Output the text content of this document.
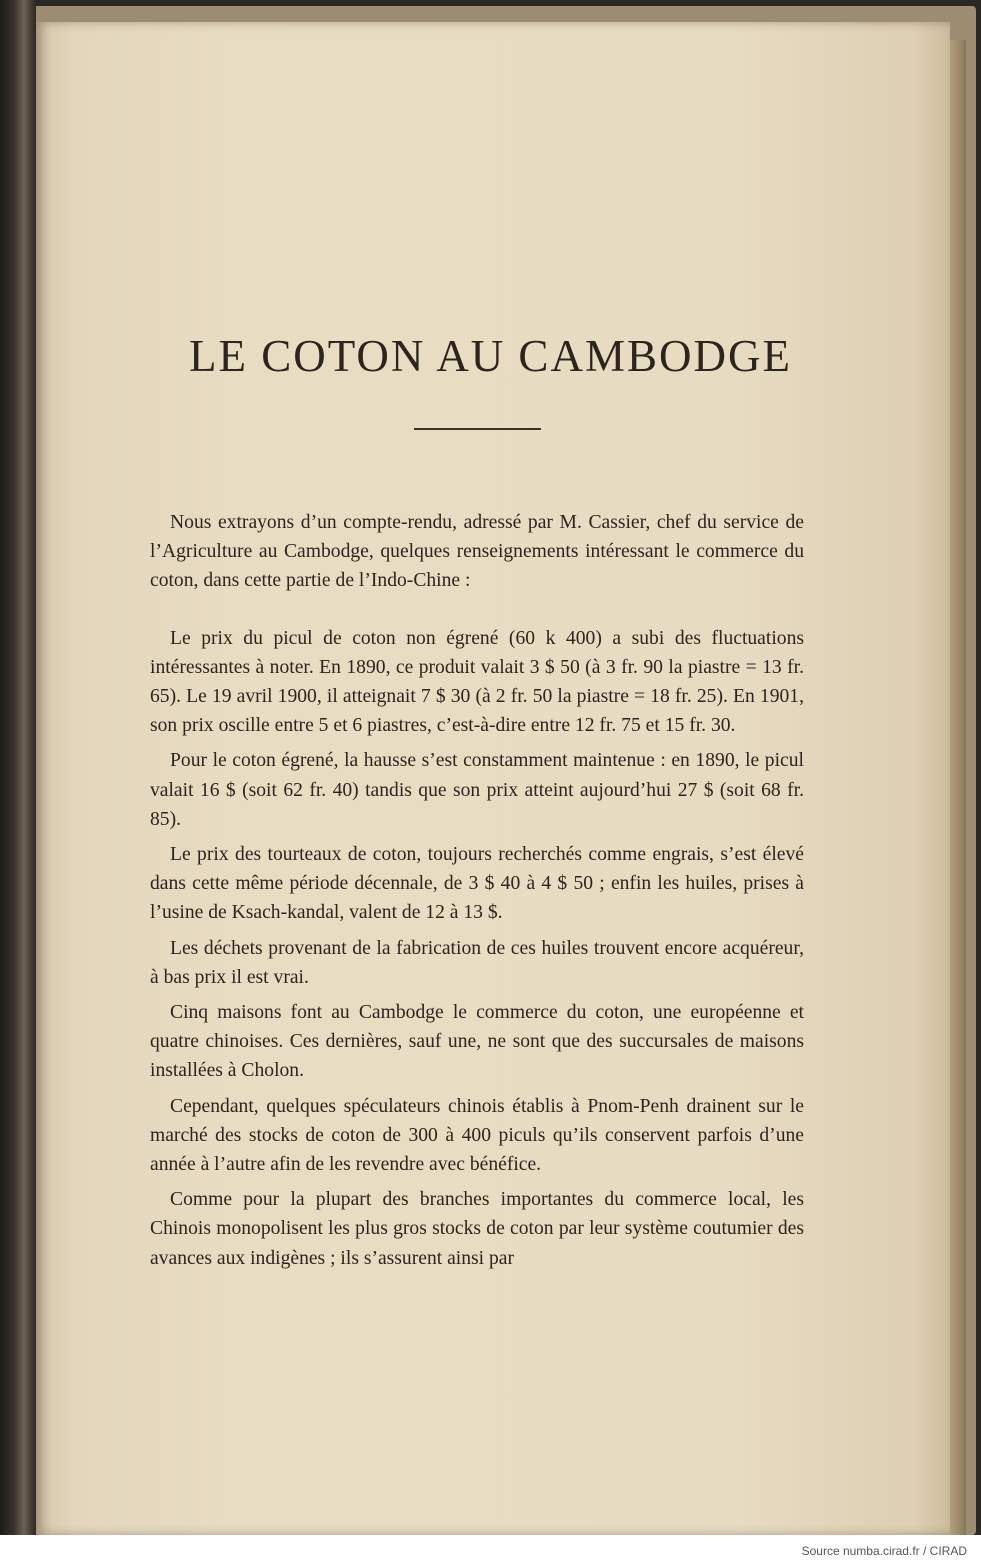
LE COTON AU CAMBODGE

Nous extrayons d’un compte-rendu, adressé par M. Cassier, chef du service de l’Agriculture au Cambodge, quelques renseignements intéressant le commerce du coton, dans cette partie de l’Indo-Chine :

Le prix du picul de coton non égrené (60 k 400) a subi des fluctuations intéressantes à noter. En 1890, ce produit valait 3 $ 50 (à 3 fr. 90 la piastre = 13 fr. 65). Le 19 avril 1900, il atteignait 7 $ 30 (à 2 fr. 50 la piastre = 18 fr. 25). En 1901, son prix oscille entre 5 et 6 piastres, c’est-à-dire entre 12 fr. 75 et 15 fr. 30.

Pour le coton égrené, la hausse s’est constamment maintenue : en 1890, le picul valait 16 $ (soit 62 fr. 40) tandis que son prix atteint aujourd’hui 27 $ (soit 68 fr. 85).

Le prix des tourteaux de coton, toujours recherchés comme engrais, s’est élevé dans cette même période décennale, de 3 $ 40 à 4 $ 50 ; enfin les huiles, prises à l’usine de Ksach-kandal, valent de 12 à 13 $.

Les déchets provenant de la fabrication de ces huiles trouvent encore acquéreur, à bas prix il est vrai.

Cinq maisons font au Cambodge le commerce du coton, une européenne et quatre chinoises. Ces dernières, sauf une, ne sont que des succursales de maisons installées à Cholon.

Cependant, quelques spéculateurs chinois établis à Pnom-Penh drainent sur le marché des stocks de coton de 300 à 400 piculs qu’ils conservent parfois d’une année à l’autre afin de les revendre avec bénéfice.

Comme pour la plupart des branches importantes du commerce local, les Chinois monopolisent les plus gros stocks de coton par leur système coutumier des avances aux indigènes ; ils s’assurent ainsi par

Source numba.cirad.fr / CIRAD
